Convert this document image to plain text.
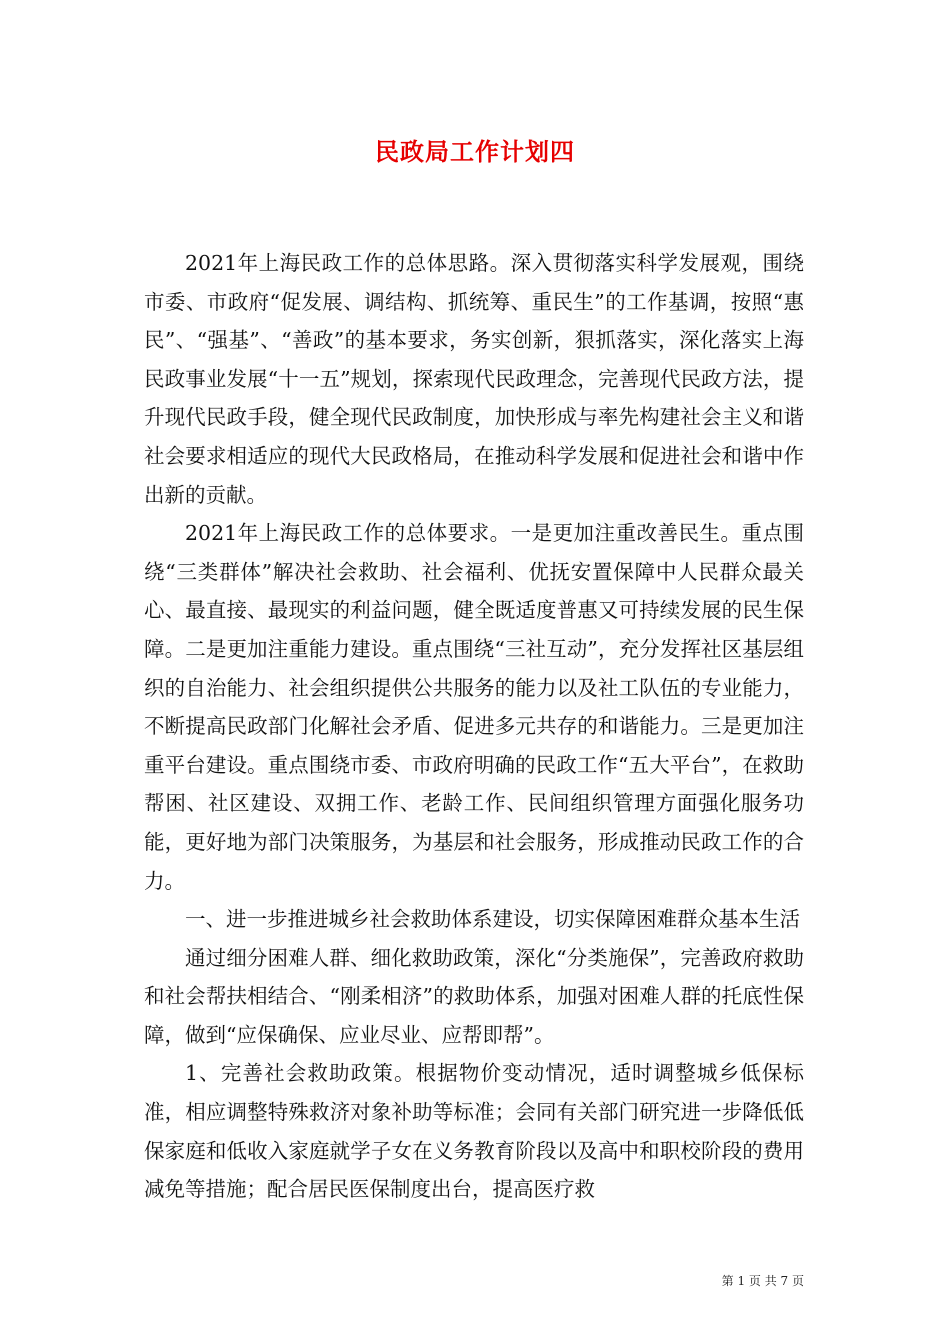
民政局工作计划四

2021年上海民政工作的总体思路。深入贯彻落实科学发展观，围绕市委、市政府“促发展、调结构、抓统筹、重民生”的工作基调，按照“惠民”、“强基”、“善政”的基本要求，务实创新，狠抓落实，深化落实上海民政事业发展“十一五”规划，探索现代民政理念，完善现代民政方法，提升现代民政手段，健全现代民政制度，加快形成与率先构建社会主义和谐社会要求相适应的现代大民政格局，在推动科学发展和促进社会和谐中作出新的贡献。

2021年上海民政工作的总体要求。一是更加注重改善民生。重点围绕“三类群体”解决社会救助、社会福利、优抚安置保障中人民群众最关心、最直接、最现实的利益问题，健全既适度普惠又可持续发展的民生保障。二是更加注重能力建设。重点围绕“三社互动”，充分发挥社区基层组织的自治能力、社会组织提供公共服务的能力以及社工队伍的专业能力，不断提高民政部门化解社会矛盾、促进多元共存的和谐能力。三是更加注重平台建设。重点围绕市委、市政府明确的民政工作“五大平台”，在救助帮困、社区建设、双拥工作、老龄工作、民间组织管理方面强化服务功能，更好地为部门决策服务，为基层和社会服务，形成推动民政工作的合力。

一、进一步推进城乡社会救助体系建设，切实保障困难群众基本生活

通过细分困难人群、细化救助政策，深化“分类施保”，完善政府救助和社会帮扶相结合、“刚柔相济”的救助体系，加强对困难人群的托底性保障，做到“应保确保、应业尽业、应帮即帮”。

1、完善社会救助政策。根据物价变动情况，适时调整城乡低保标准，相应调整特殊救济对象补助等标准；会同有关部门研究进一步降低低保家庭和低收入家庭就学子女在义务教育阶段以及高中和职校阶段的费用减免等措施；配合居民医保制度出台，提高医疗救

第 1 页 共 7 页
